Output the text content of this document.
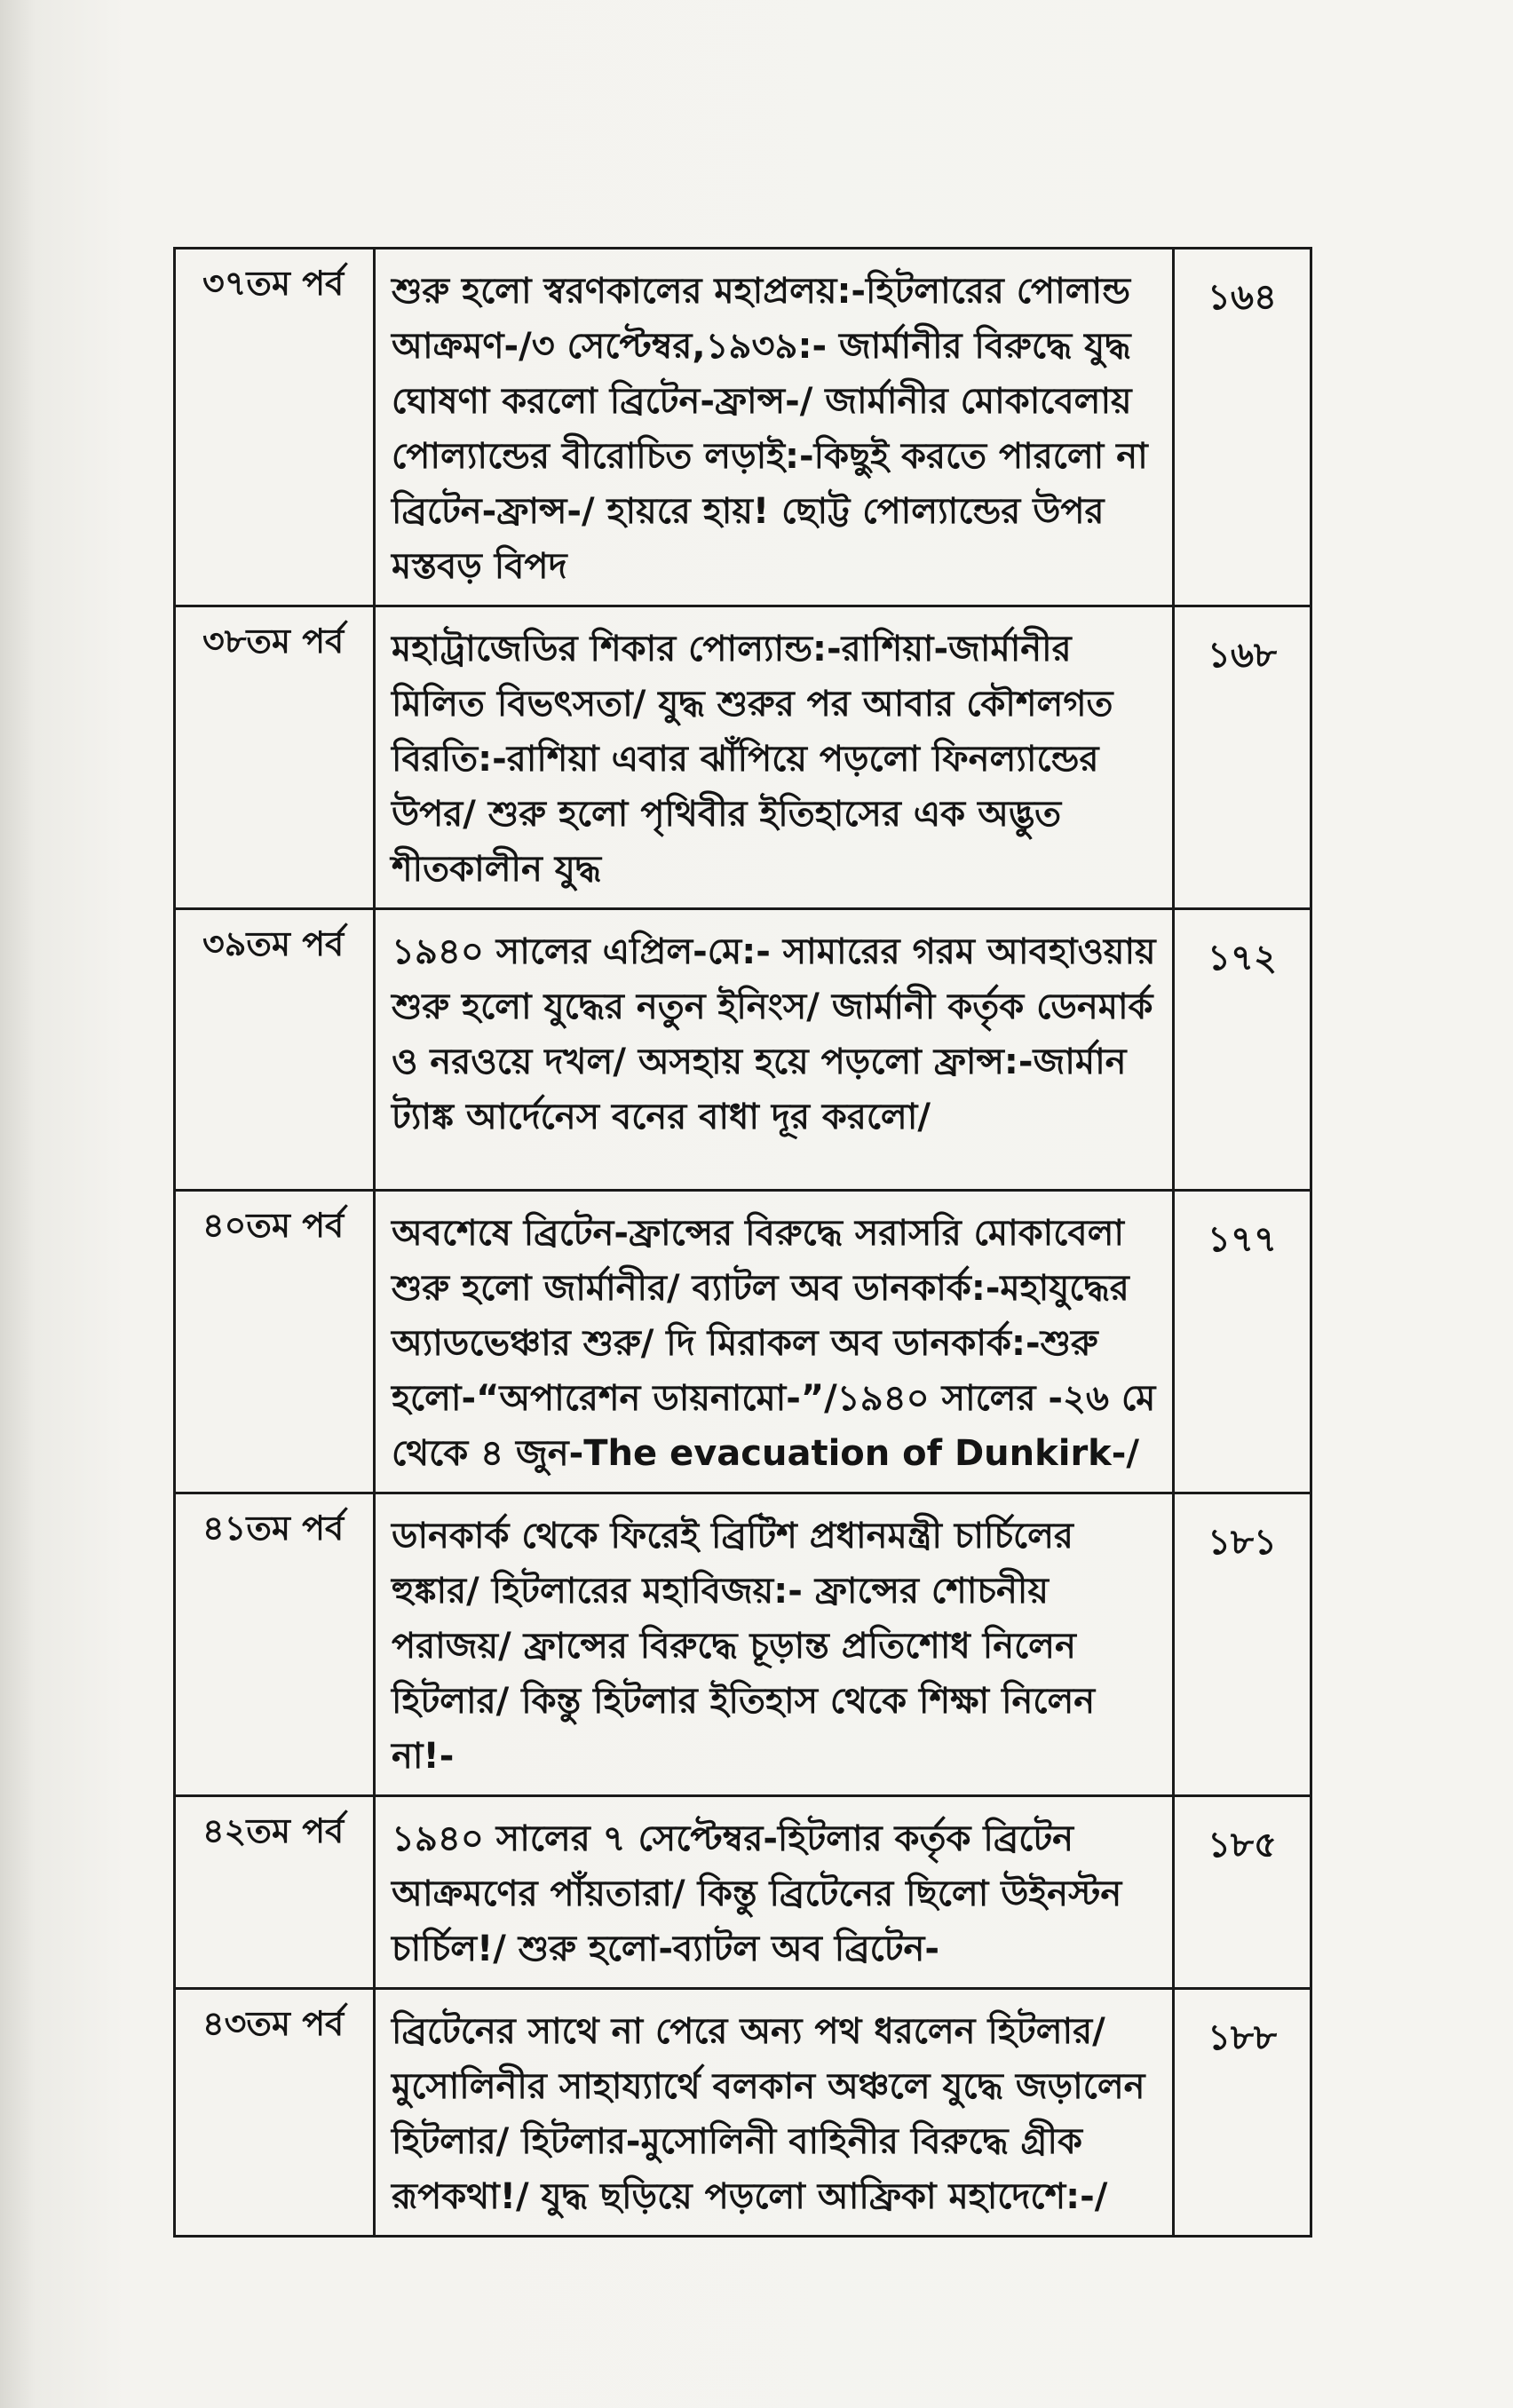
৩৭তম পর্ব	শুরু হলো স্বরণকালের মহাপ্রলয়:-হিটলারের পোলান্ড আক্রমণ-/৩ সেপ্টেম্বর,১৯৩৯:- জার্মানীর বিরুদ্ধে যুদ্ধ ঘোষণা করলো ব্রিটেন-ফ্রান্স-/ জার্মানীর মোকাবেলায় পোল্যান্ডের বীরোচিত লড়াই:-কিছুই করতে পারলো না ব্রিটেন-ফ্রান্স-/ হায়রে হায়! ছোট্ট পোল্যান্ডের উপর মস্তবড় বিপদ	১৬৪
৩৮তম পর্ব	মহাট্রাজেডির শিকার পোল্যান্ড:-রাশিয়া-জার্মানীর মিলিত বিভৎসতা/ যুদ্ধ শুরুর পর আবার কৌশলগত বিরতি:-রাশিয়া এবার ঝাঁপিয়ে পড়লো ফিনল্যান্ডের উপর/ শুরু হলো পৃথিবীর ইতিহাসের এক অদ্ভুত শীতকালীন যুদ্ধ	১৬৮
৩৯তম পর্ব	১৯৪০ সালের এপ্রিল-মে:- সামারের গরম আবহাওয়ায় শুরু হলো যুদ্ধের নতুন ইনিংস/ জার্মানী কর্তৃক ডেনমার্ক ও নরওয়ে দখল/ অসহায় হয়ে পড়লো ফ্রান্স:-জার্মান ট্যাঙ্ক আর্দেনেস বনের বাধা দূর করলো/	১৭২
৪০তম পর্ব	অবশেষে ব্রিটেন-ফ্রান্সের বিরুদ্ধে সরাসরি মোকাবেলা শুরু হলো জার্মানীর/ ব্যাটল অব ডানকার্ক:-মহাযুদ্ধের অ্যাডভেঞ্চার শুরু/ দি মিরাকল অব ডানকার্ক:-শুরু হলো-“অপারেশন ডায়নামো-”/১৯৪০ সালের -২৬ মে থেকে ৪ জুন-The evacuation of Dunkirk-/	১৭৭
৪১তম পর্ব	ডানকার্ক থেকে ফিরেই ব্রিটিশ প্রধানমন্ত্রী চার্চিলের হুঙ্কার/ হিটলারের মহাবিজয়:- ফ্রান্সের শোচনীয় পরাজয়/ ফ্রান্সের বিরুদ্ধে চূড়ান্ত প্রতিশোধ নিলেন হিটলার/ কিন্তু হিটলার ইতিহাস থেকে শিক্ষা নিলেন না!-	১৮১
৪২তম পর্ব	১৯৪০ সালের ৭ সেপ্টেম্বর-হিটলার কর্তৃক ব্রিটেন আক্রমণের পাঁয়তারা/ কিন্তু ব্রিটেনের ছিলো উইনস্টন চার্চিল!/ শুরু হলো-ব্যাটল অব ব্রিটেন-	১৮৫
৪৩তম পর্ব	ব্রিটেনের সাথে না পেরে অন্য পথ ধরলেন হিটলার/ মুসোলিনীর সাহায্যার্থে বলকান অঞ্চলে যুদ্ধে জড়ালেন হিটলার/ হিটলার-মুসোলিনী বাহিনীর বিরুদ্ধে গ্রীক রূপকথা!/ যুদ্ধ ছড়িয়ে পড়লো আফ্রিকা মহাদেশে:-/	১৮৮
